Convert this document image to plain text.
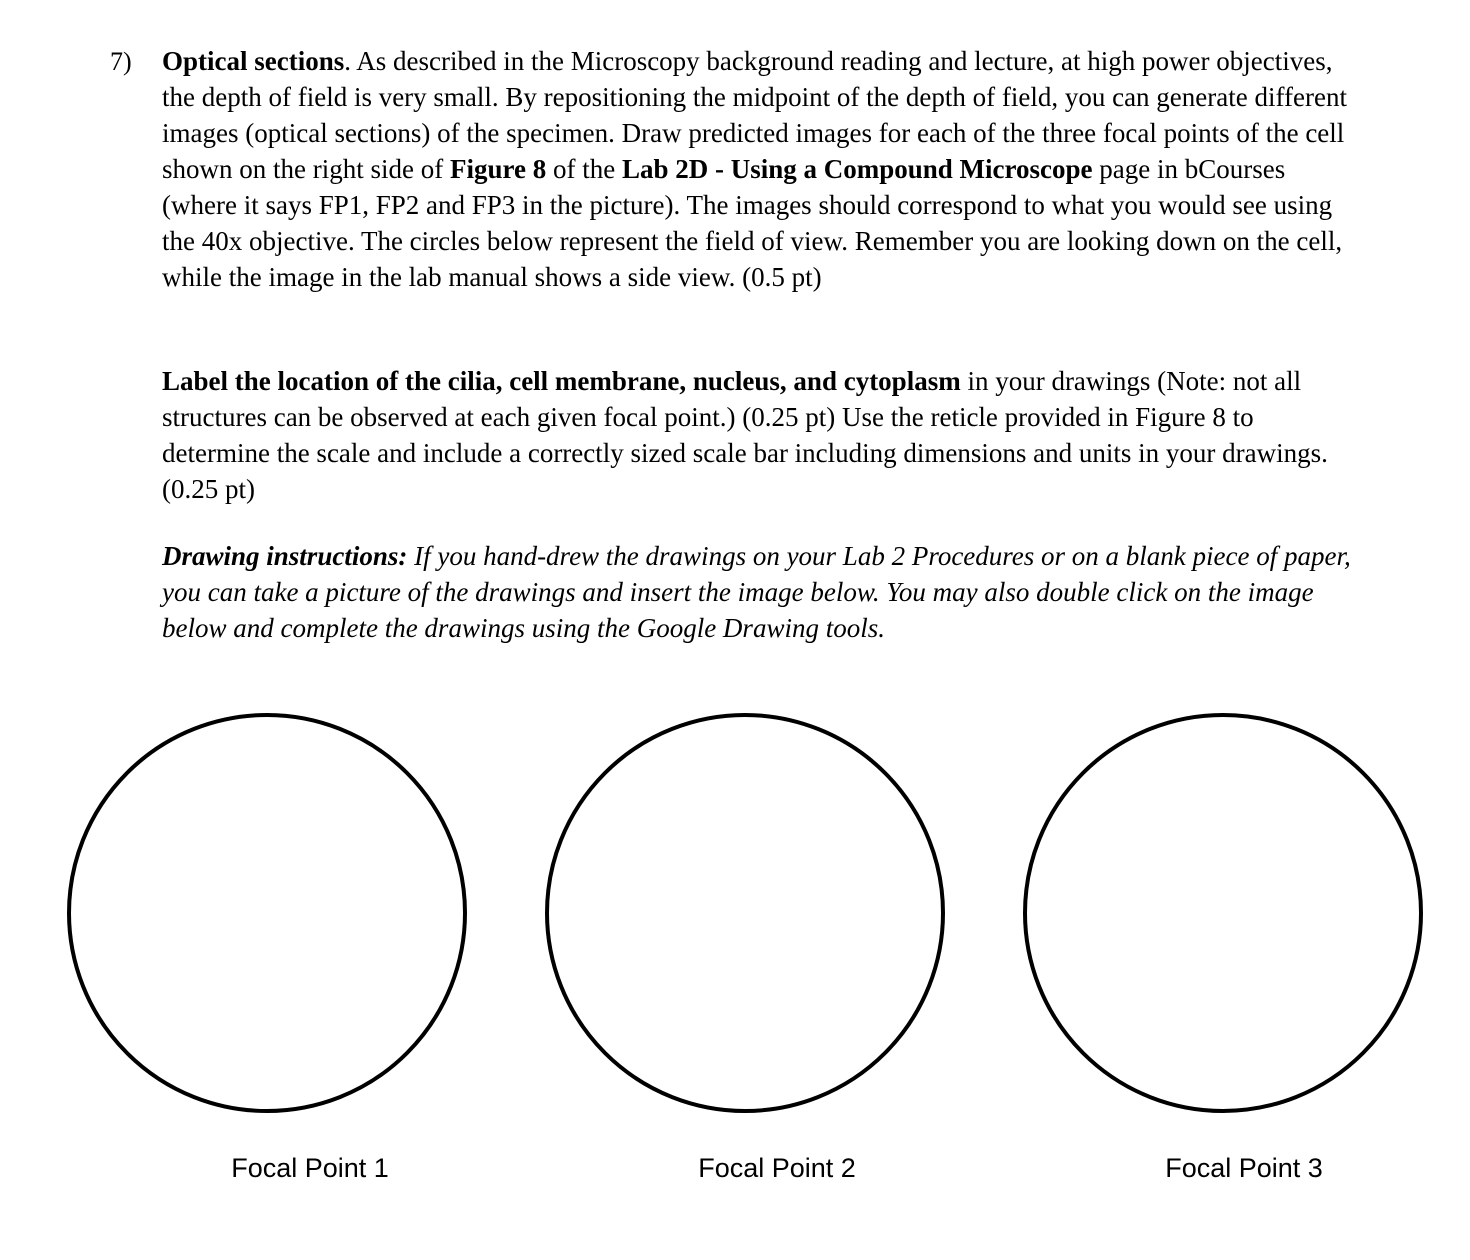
7) Optical sections. As described in the Microscopy background reading and lecture, at high power objectives, the depth of field is very small. By repositioning the midpoint of the depth of field, you can generate different images (optical sections) of the specimen. Draw predicted images for each of the three focal points of the cell shown on the right side of Figure 8 of the Lab 2D - Using a Compound Microscope page in bCourses (where it says FP1, FP2 and FP3 in the picture). The images should correspond to what you would see using the 40x objective. The circles below represent the field of view. Remember you are looking down on the cell, while the image in the lab manual shows a side view. (0.5 pt)

Label the location of the cilia, cell membrane, nucleus, and cytoplasm in your drawings (Note: not all structures can be observed at each given focal point.) (0.25 pt) Use the reticle provided in Figure 8 to determine the scale and include a correctly sized scale bar including dimensions and units in your drawings. (0.25 pt)

Drawing instructions: If you hand-drew the drawings on your Lab 2 Procedures or on a blank piece of paper, you can take a picture of the drawings and insert the image below. You may also double click on the image below and complete the drawings using the Google Drawing tools.

Focal Point 1	Focal Point 2	Focal Point 3
